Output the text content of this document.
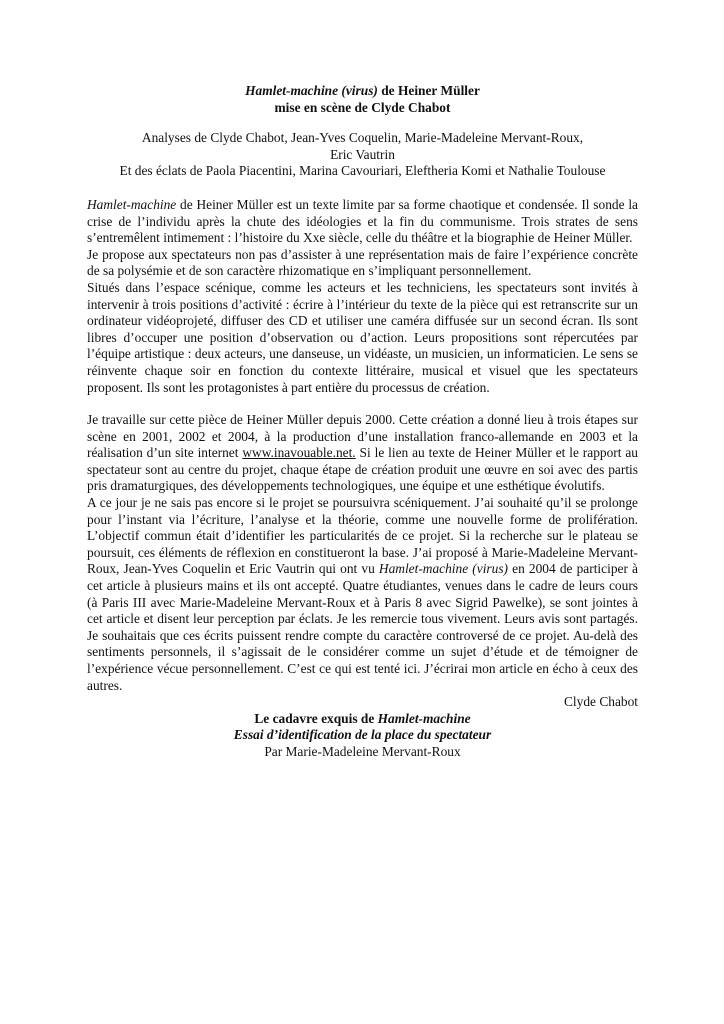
Hamlet-machine (virus) de Heiner Müller
mise en scène de Clyde Chabot
Analyses de Clyde Chabot, Jean-Yves Coquelin, Marie-Madeleine Mervant-Roux,
Eric Vautrin
Et des éclats de Paola Piacentini, Marina Cavouriari, Eleftheria Komi et Nathalie Toulouse

Hamlet-machine de Heiner Müller est un texte limite par sa forme chaotique et condensée. Il sonde la crise de l’individu après la chute des idéologies et la fin du communisme. Trois strates de sens s’entremêlent intimement : l’histoire du Xxe siècle, celle du théâtre et la biographie de Heiner Müller.

Je propose aux spectateurs non pas d’assister à une représentation mais de faire l’expérience concrète de sa polysémie et de son caractère rhizomatique en s’impliquant personnellement.

Situés dans l’espace scénique, comme les acteurs et les techniciens, les spectateurs sont invités à intervenir à trois positions d’activité : écrire à l’intérieur du texte de la pièce qui est retranscrite sur un ordinateur vidéoprojeté, diffuser des CD et utiliser une caméra diffusée sur un second écran. Ils sont libres d’occuper une position d’observation ou d’action. Leurs propositions sont répercutées par l’équipe artistique : deux acteurs, une danseuse, un vidéaste, un musicien, un informaticien. Le sens se réinvente chaque soir en fonction du contexte littéraire, musical et visuel que les spectateurs proposent. Ils sont les protagonistes à part entière du processus de création.

Je travaille sur cette pièce de Heiner Müller depuis 2000. Cette création a donné lieu à trois étapes sur scène en 2001, 2002 et 2004, à la production d’une installation franco-allemande en 2003 et la réalisation d’un site internet www.inavouable.net. Si le lien au texte de Heiner Müller et le rapport au spectateur sont au centre du projet, chaque étape de création produit une œuvre en soi avec des partis pris dramaturgiques, des développements technologiques, une équipe et une esthétique évolutifs.

A ce jour je ne sais pas encore si le projet se poursuivra scéniquement. J’ai souhaité qu’il se prolonge pour l’instant via l’écriture, l’analyse et la théorie, comme une nouvelle forme de prolifération. L’objectif commun était d’identifier les particularités de ce projet. Si la recherche sur le plateau se poursuit, ces éléments de réflexion en constitueront la base. J’ai proposé à Marie-Madeleine Mervant-Roux, Jean-Yves Coquelin et Eric Vautrin qui ont vu Hamlet-machine (virus) en 2004 de participer à cet article à plusieurs mains et ils ont accepté. Quatre étudiantes, venues dans le cadre de leurs cours (à Paris III avec Marie-Madeleine Mervant-Roux et à Paris 8 avec Sigrid Pawelke), se sont jointes à cet article et disent leur perception par éclats. Je les remercie tous vivement. Leurs avis sont partagés. Je souhaitais que ces écrits puissent rendre compte du caractère controversé de ce projet. Au-delà des sentiments personnels, il s’agissait de le considérer comme un sujet d’étude et de témoigner de l’expérience vécue personnellement. C’est ce qui est tenté ici. J’écrirai mon article en écho à ceux des autres.

Clyde Chabot

Le cadavre exquis de Hamlet-machine

Essai d’identification de la place du spectateur

Par Marie-Madeleine Mervant-Roux
